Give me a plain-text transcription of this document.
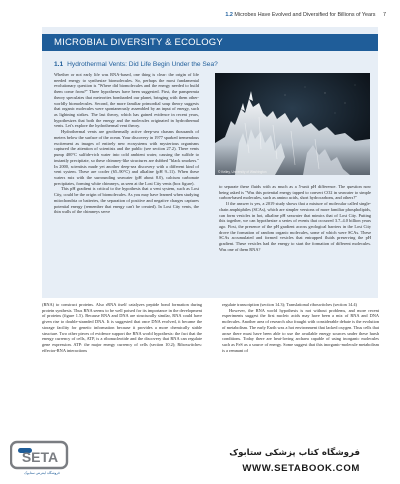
1.2 Microbes Have Evolved and Diversified for Billions of Years 7
MICROBIAL DIVERSITY & ECOLOGY
1.1 Hydrothermal Vents: Did Life Begin Under the Sea?

Whether or not early life was RNA-based, one thing is clear: the origin of life needed energy to synthesize biomolecules. So, perhaps the most fundamental evolutionary question is "Where did biomolecules and the energy needed to build them come from?" Three hypotheses have been suggested. First, the panspermia theory speculates that meteorites bombarded our planet, bringing with them other-worldly biomolecules. Second, the more familiar primordial soup theory suggests that organic molecules were spontaneously assembled by an input of energy, such as lightning strikes. The last theory, which has gained evidence in recent years, hypothesizes that both the energy and the molecules originated in hydrothermal vents. Let's explore the hydrothermal vent theory.

Hydrothermal vents are geothermally active deep-sea chasms thousands of meters below the surface of the ocean. Your discovery in 1977 sparked tremendous excitement as images of entirely new ecosystems with mysterious organisms captured the attention of scientists and the public (see section 27.2). There vents pump 400°C sulfide-rich water into cold ambient water, causing the sulfide to instantly precipitate, so these chimney-like structures are dubbed "black smokers." In 2000, scientists made yet another deep-sea discovery with a different kind of vent system. These are cooler (65–90°C) and alkaline (pH 9–11). When these waters mix with the surrounding seawater (pH about 8.0), calcium carbonate precipitates, forming white chimneys, as seen at the Lost City vents (box figure).

This pH gradient is critical to the hypothesis that a vent system, such as Lost City, could be the origin of biomolecules. As you may have learned when studying mitochondria or batteries, the separation of positive and negative charges captures potential energy (remember that energy can't be created). In Lost City vents, the thin walls of the chimneys serve

© Kelley, University of Washington

to separate these fluids with as much as a 5-unit pH difference. The question now being asked is "Was this potential energy tapped to convert CO2 in seawater to simple carbon-based molecules, such as amino acids, short hydrocarbons, and others?"

If the answer is yes, a 2019 study shows that a mixture of molecular called single-chain amphiphiles (SCAs), which are simpler versions of more familiar phospholipids, can form vesicles in hot, alkaline pH seawater that mimics that of Lost City. Putting this together, we can hypothesize a series of events that occurred 3.7–4.0 billion years ago. First, the presence of the pH gradient across geological barriers in the Lost City drove the formation of random organic molecules, some of which were SCAs. These SCAs accumulated and formed vesicles that entrapped fluids preserving the pH gradient. These vesicles had the energy to start the formation of different molecules. Was one of them RNA?

(RNA) to construct proteins. Also rRNA itself catalyzes peptide bond formation during protein synthesis. Thus RNA seems to be well poised for its importance in the development of proteins (figure 1.5). Because RNA and DNA are structurally similar, RNA could have given rise to double-stranded DNA. It is suggested that once DNA evolved, it became the storage facility for genetic information because it provides a more chemically stable structure. Two other pieces of evidence support the RNA world hypothesis: the fact that the energy currency of cells, ATP, is a ribonucleotide and the discovery that RNA can regulate gene expression. ATP: the major energy currency of cells (section 10.2); Riboswitches: effector-RNA interactions

regulate transcription (section 14.3); Translational riboswitches (section 14.4)

However, the RNA world hypothesis is not without problems, and more recent experiments suggest the first nucleic acids may have been a mix of RNA and DNA molecules. Another area of research also fraught with considerable debate is the evolution of metabolism. The early Earth was a hot environment that lacked oxygen. Thus cells that arose there must have been able to use the available energy sources under these harsh conditions. Today there are heat-loving archaea capable of using inorganic molecules such as FeS as a source of energy. Some suggest that this inorganic-molecule metabolism is a remnant of

SETA
فروشگاه اینترنتی ستابوک
فروشگاه کتاب پزشکی ستابوک
WWW.SETABOOK.COM
